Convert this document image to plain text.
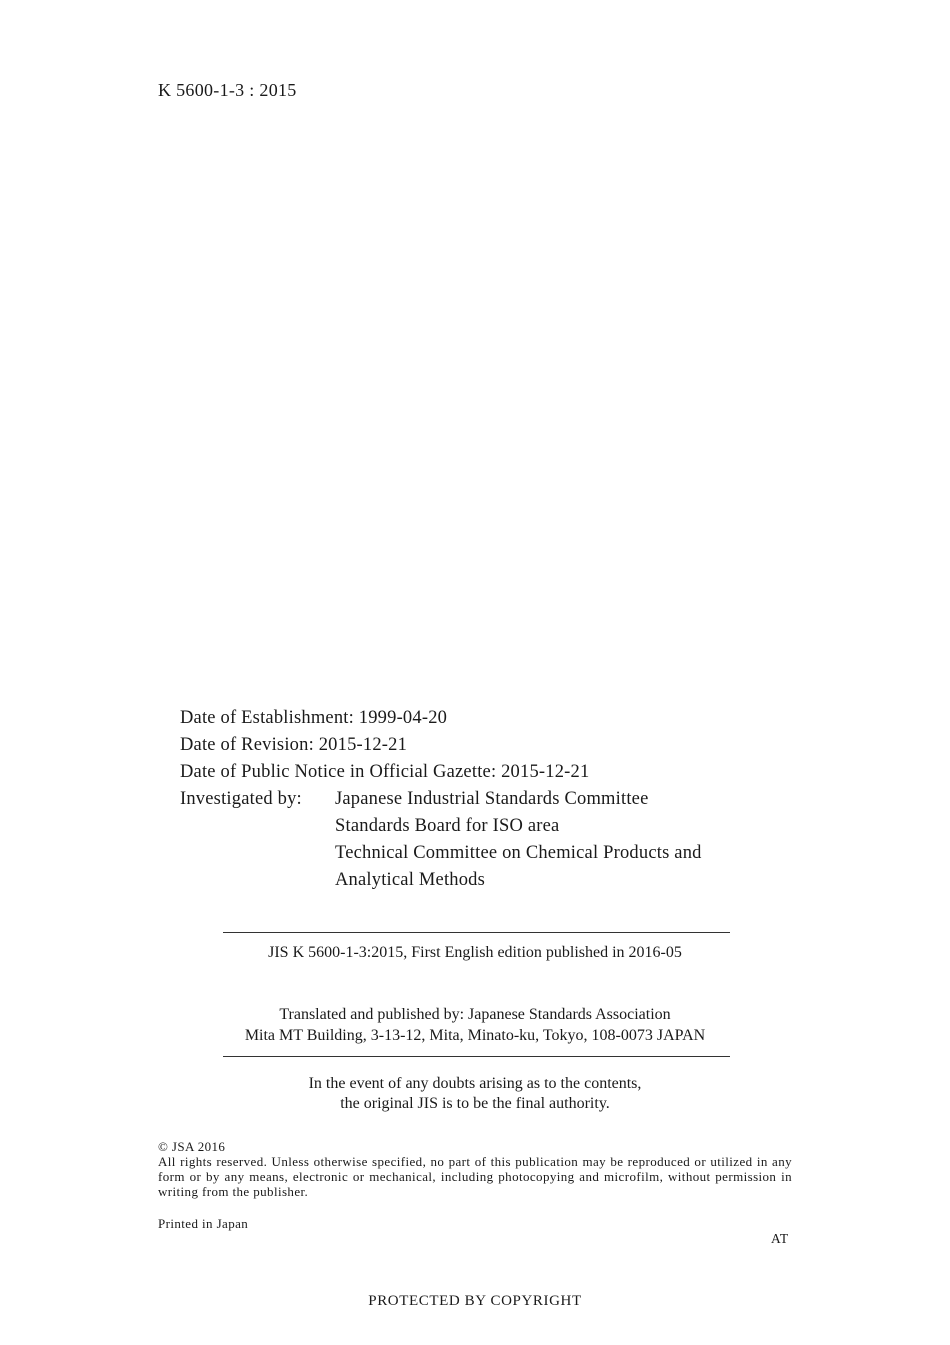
K 5600-1-3 : 2015
Date of Establishment: 1999-04-20
Date of Revision: 2015-12-21
Date of Public Notice in Official Gazette: 2015-12-21
Investigated by:	Japanese Industrial Standards Committee
Standards Board for ISO area
Technical Committee on Chemical Products and
Analytical Methods
JIS K 5600-1-3:2015, First English edition published in 2016-05
Translated and published by: Japanese Standards Association
Mita MT Building, 3-13-12, Mita, Minato-ku, Tokyo, 108-0073 JAPAN
In the event of any doubts arising as to the contents,
the original JIS is to be the final authority.
© JSA 2016
All rights reserved. Unless otherwise specified, no part of this publication may be reproduced or utilized in any form or by any means, electronic or mechanical, including photocopying and microfilm, without permission in writing from the publisher.
Printed in Japan
AT
PROTECTED BY COPYRIGHT
